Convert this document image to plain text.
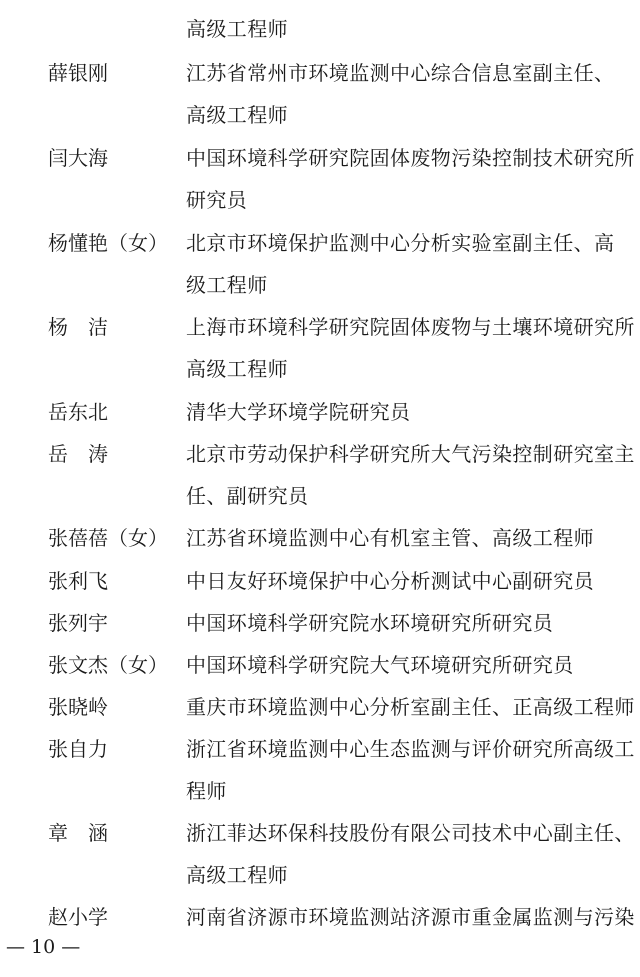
高级工程师
薛银刚	江苏省常州市环境监测中心综合信息室副主任、
高级工程师
闫大海	中国环境科学研究院固体废物污染控制技术研究所
研究员
杨懂艳（女） 北京市环境保护监测中心分析实验室副主任、高
级工程师
杨　洁	上海市环境科学研究院固体废物与土壤环境研究所
高级工程师
岳东北	清华大学环境学院研究员
岳　涛	北京市劳动保护科学研究所大气污染控制研究室主
任、副研究员
张蓓蓓（女） 江苏省环境监测中心有机室主管、高级工程师
张利飞	中日友好环境保护中心分析测试中心副研究员
张列宇	中国环境科学研究院水环境研究所研究员
张文杰（女） 中国环境科学研究院大气环境研究所研究员
张晓岭	重庆市环境监测中心分析室副主任、正高级工程师
张自力	浙江省环境监测中心生态监测与评价研究所高级工
程师
章　涵	浙江菲达环保科技股份有限公司技术中心副主任、
高级工程师
赵小学	河南省济源市环境监测站济源市重金属监测与污染
— 10 —
